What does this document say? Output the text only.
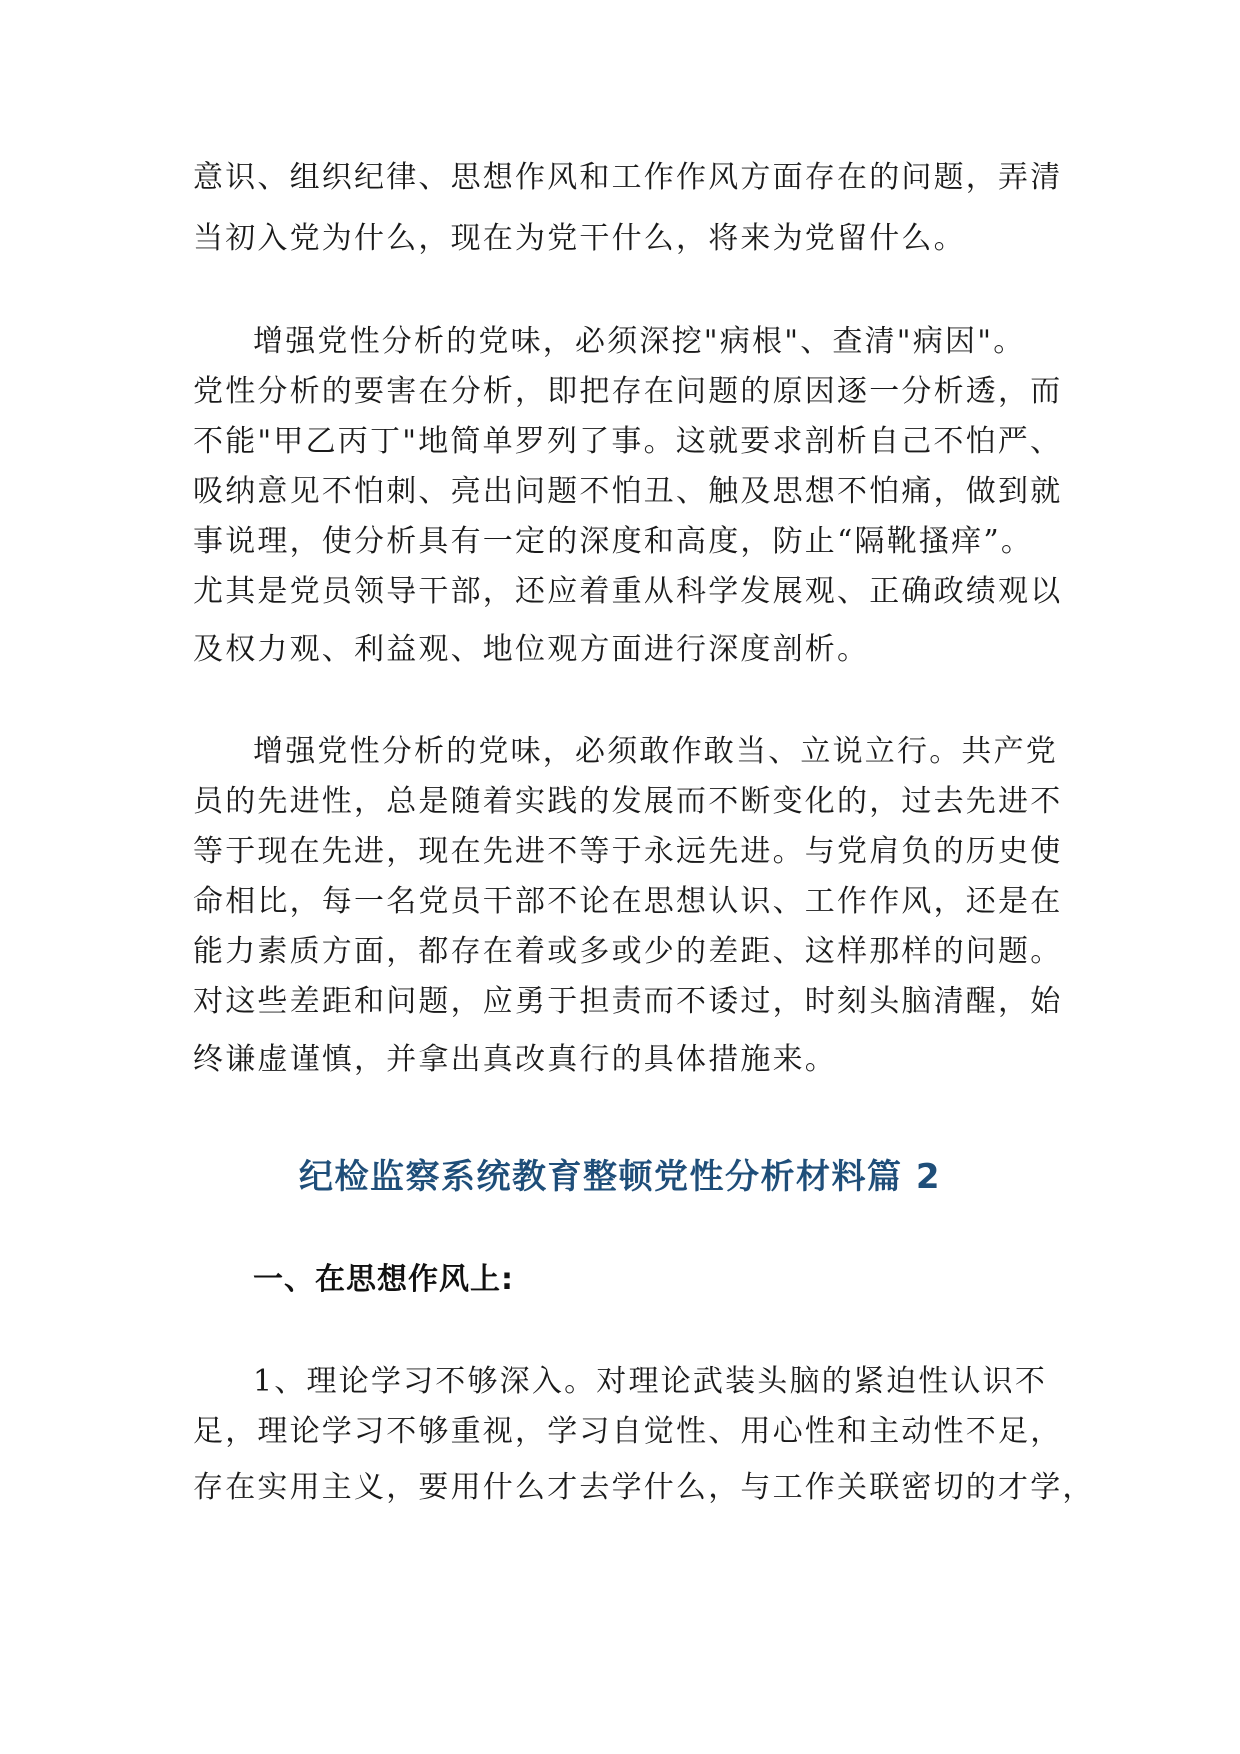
意识、组织纪律、思想作风和工作作风方面存在的问题，弄清
当初入党为什么，现在为党干什么，将来为党留什么。
增强党性分析的党味，必须深挖"病根"、查清"病因"。
党性分析的要害在分析，即把存在问题的原因逐一分析透，而
不能"甲乙丙丁"地简单罗列了事。这就要求剖析自己不怕严、
吸纳意见不怕刺、亮出问题不怕丑、触及思想不怕痛，做到就
事说理，使分析具有一定的深度和高度，防止“隔靴搔痒”。
尤其是党员领导干部，还应着重从科学发展观、正确政绩观以
及权力观、利益观、地位观方面进行深度剖析。
增强党性分析的党味，必须敢作敢当、立说立行。共产党
员的先进性，总是随着实践的发展而不断变化的，过去先进不
等于现在先进，现在先进不等于永远先进。与党肩负的历史使
命相比，每一名党员干部不论在思想认识、工作作风，还是在
能力素质方面，都存在着或多或少的差距、这样那样的问题。
对这些差距和问题，应勇于担责而不诿过，时刻头脑清醒，始
终谦虚谨慎，并拿出真改真行的具体措施来。
纪检监察系统教育整顿党性分析材料篇 2
一、在思想作风上:
1、理论学习不够深入。对理论武装头脑的紧迫性认识不
足，理论学习不够重视，学习自觉性、用心性和主动性不足，
存在实用主义，要用什么才去学什么，与工作关联密切的才学，
